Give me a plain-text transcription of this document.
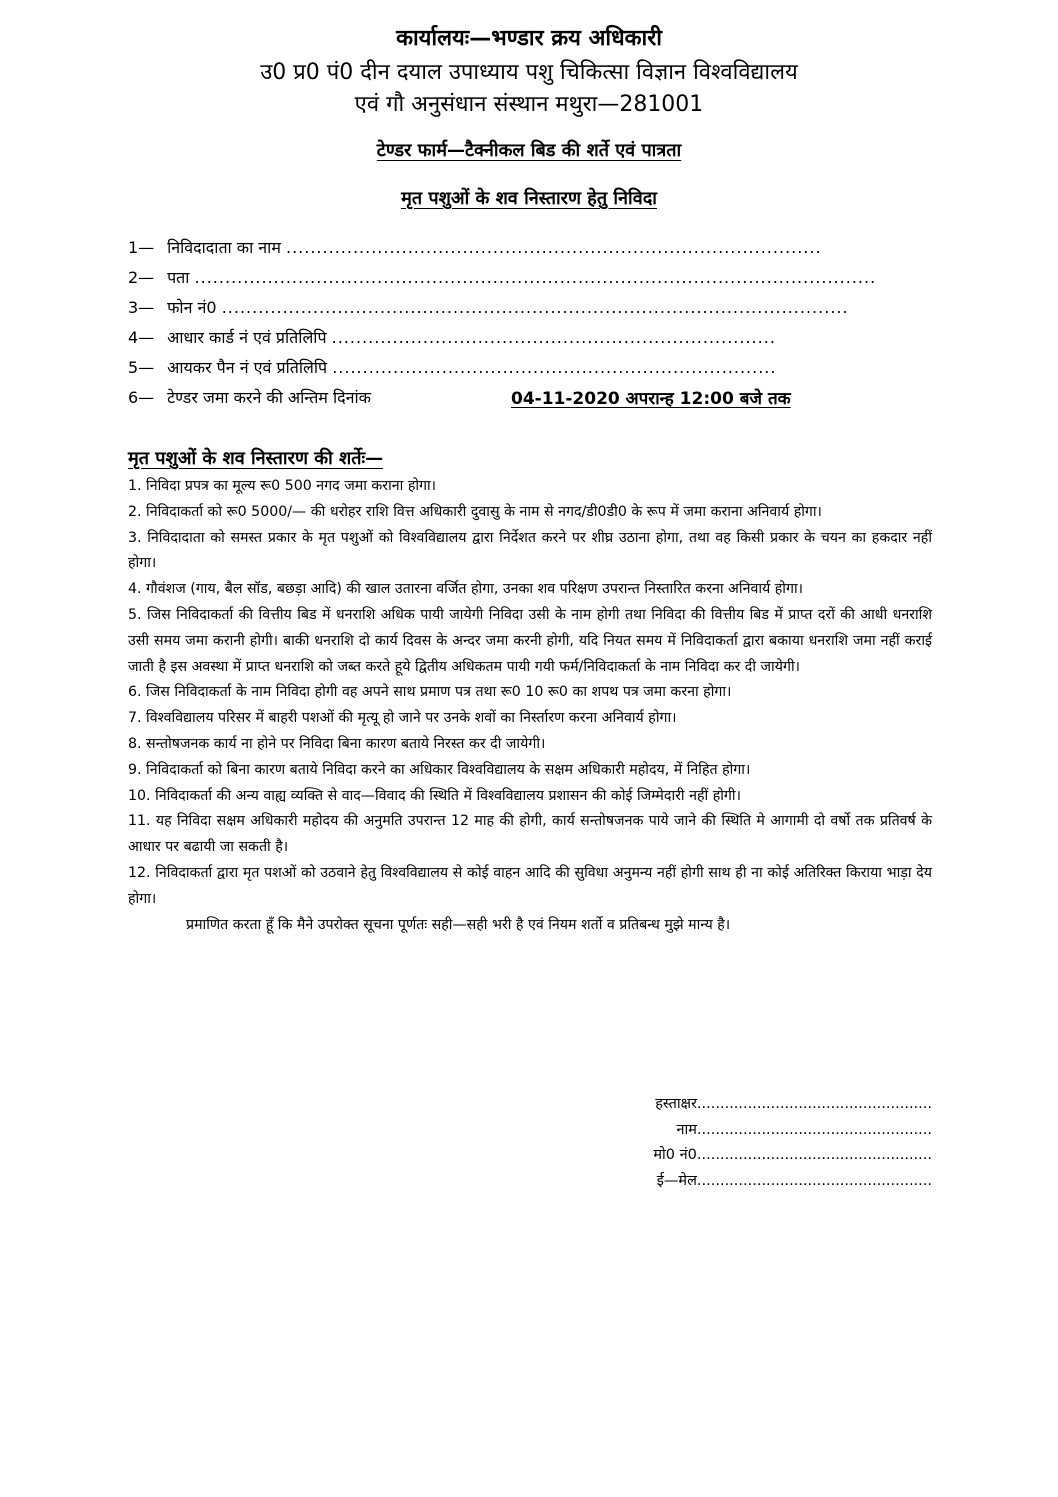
कार्यालयः—भण्डार क्रय अधिकारी
उ0 प्र0 पं0 दीन दयाल उपाध्याय पशु चिकित्सा विज्ञान विश्वविद्यालय
एवं गौ अनुसंधान संस्थान मथुरा—281001
टेण्डर फार्म—टैक्नीकल बिड की शर्ते एवं पात्रता
मृत पशुओं के शव निस्तारण हेतु निविदा
1— निविदादाता का नाम ........................................................................................
2— पता ................................................................................................................
3— फोन नं0 .......................................................................................................
4— आधार कार्ड नं एवं प्रतिलिपि .........................................................................
5— आयकर पैन नं एवं प्रतिलिपि .........................................................................
6— टेण्डर जमा करने की अन्तिम दिनांक	04-11-2020 अपरान्ह 12:00 बजे तक
मृत पशुओं के शव निस्तारण की शर्तेः—

1. निविदा प्रपत्र का मूल्य रू0 500 नगद जमा कराना होगा।

2. निविदाकर्ता को रू0 5000/— की धरोहर राशि वित्त अधिकारी दुवासु के नाम से नगद/डी0डी0 के रूप में जमा कराना अनिवार्य होगा।

3. निविदादाता को समस्त प्रकार के मृत पशुओं को विश्वविद्यालय द्वारा निर्देशत करने पर शीघ्र उठाना होगा, तथा वह किसी प्रकार के चयन का हकदार नहीं होगा।

4. गौवंशज (गाय, बैल सॉड, बछड़ा आदि) की खाल उतारना वर्जित होगा, उनका शव परिक्षण उपरान्त निस्तारित करना अनिवार्य होगा।

5. जिस निविदाकर्ता की वित्तीय बिड में धनराशि अधिक पायी जायेगी निविदा उसी के नाम होगी तथा निविदा की वित्तीय बिड में प्राप्त दरों की आधी धनराशि उसी समय जमा करानी होगी। बाकी धनराशि दो कार्य दिवस के अन्दर जमा करनी होगी, यदि नियत समय में निविदाकर्ता द्वारा बकाया धनराशि जमा नहीं कराई जाती है इस अवस्था में प्राप्त धनराशि को जब्त करते हूये द्वितीय अधिकतम पायी गयी फर्म/निविदाकर्ता के नाम निविदा कर दी जायेगी।

6. जिस निविदाकर्ता के नाम निविदा होगी वह अपने साथ प्रमाण पत्र तथा रू0 10 रू0 का शपथ पत्र जमा करना होगा।

7. विश्वविद्यालय परिसर में बाहरी पशओं की मृत्यू हो जाने पर उनके शवों का निर्स्तारण करना अनिवार्य होगा।

8. सन्तोषजनक कार्य ना होने पर निविदा बिना कारण बताये निरस्त कर दी जायेगी।

9. निविदाकर्ता को बिना कारण बताये निविदा करने का अधिकार विश्वविद्यालय के सक्षम अधिकारी महोदय, में निहित होगा।

10. निविदाकर्ता की अन्य वाह्य व्यक्ति से वाद—विवाद की स्थिति में विश्वविद्यालय प्रशासन की कोई जिम्मेदारी नहीं होगी।

11. यह निविदा सक्षम अधिकारी महोदय की अनुमति उपरान्त 12 माह की होगी, कार्य सन्तोषजनक पाये जाने की स्थिति मे आगामी दो वर्षो तक प्रतिवर्ष के आधार पर बढायी जा सकती है।

12. निविदाकर्ता द्वारा मृत पशओं को उठवाने हेतु विश्वविद्यालय से कोई वाहन आदि की सुविधा अनुमन्य नहीं होगी साथ ही ना कोई अतिरिक्त किराया भाड़ा देय होगा।

प्रमाणित करता हूँ कि मैने उपरोक्त सूचना पूर्णतः सही—सही भरी है एवं नियम शर्तो व प्रतिबन्ध मुझे मान्य है।

हस्ताक्षर...................................................
नाम...................................................
मो0 नं0...................................................
ई—मेल...................................................
